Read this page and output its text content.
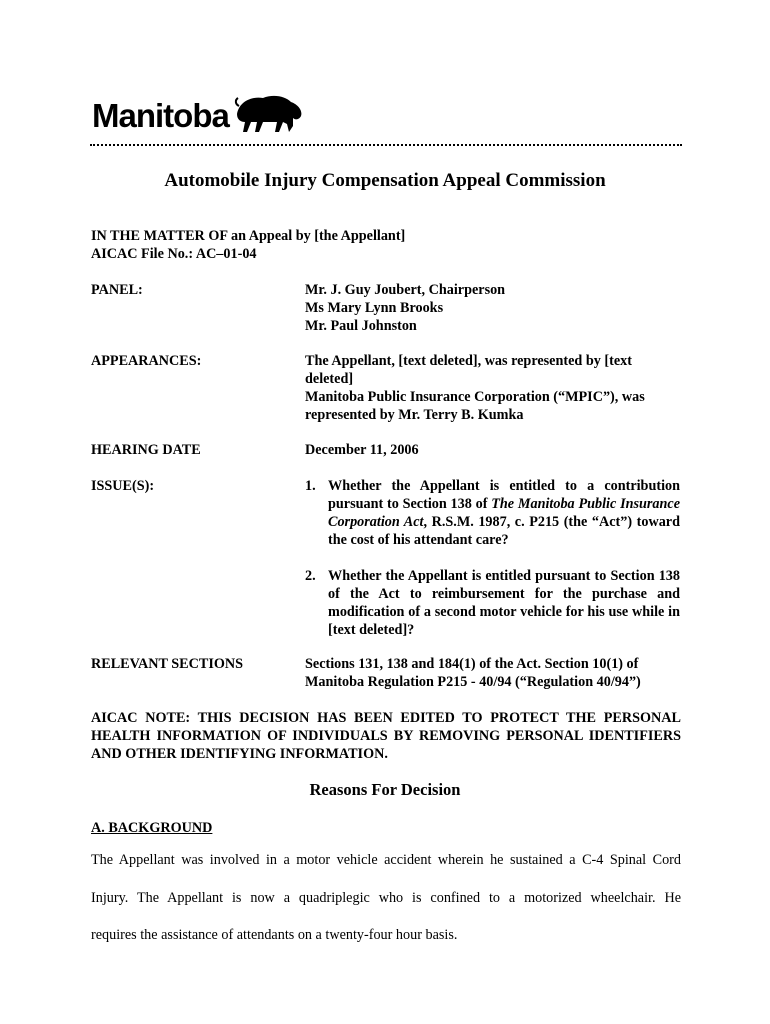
Manitoba
Automobile Injury Compensation Appeal Commission
IN THE MATTER OF an Appeal by [the Appellant]
AICAC File No.: AC–01-04
PANEL:	Mr. J. Guy Joubert, Chairperson
Ms Mary Lynn Brooks
Mr. Paul Johnston
APPEARANCES:	The Appellant, [text deleted], was represented by [text deleted]
Manitoba Public Insurance Corporation (“MPIC”), was represented by Mr. Terry B. Kumka
HEARING DATE	December 11, 2006
ISSUE(S):	1. Whether the Appellant is entitled to a contribution pursuant to Section 138 of The Manitoba Public Insurance Corporation Act, R.S.M. 1987, c. P215 (the “Act”) toward the cost of his attendant care?
2. Whether the Appellant is entitled pursuant to Section 138 of the Act to reimbursement for the purchase and modification of a second motor vehicle for his use while in [text deleted]?
RELEVANT SECTIONS	Sections 131, 138 and 184(1) of the Act. Section 10(1) of Manitoba Regulation P215 - 40/94 (“Regulation 40/94”)
AICAC NOTE: THIS DECISION HAS BEEN EDITED TO PROTECT THE PERSONAL HEALTH INFORMATION OF INDIVIDUALS BY REMOVING PERSONAL IDENTIFIERS AND OTHER IDENTIFYING INFORMATION.
Reasons For Decision
A. BACKGROUND
The Appellant was involved in a motor vehicle accident wherein he sustained a C-4 Spinal Cord
Injury. The Appellant is now a quadriplegic who is confined to a motorized wheelchair. He
requires the assistance of attendants on a twenty-four hour basis.
